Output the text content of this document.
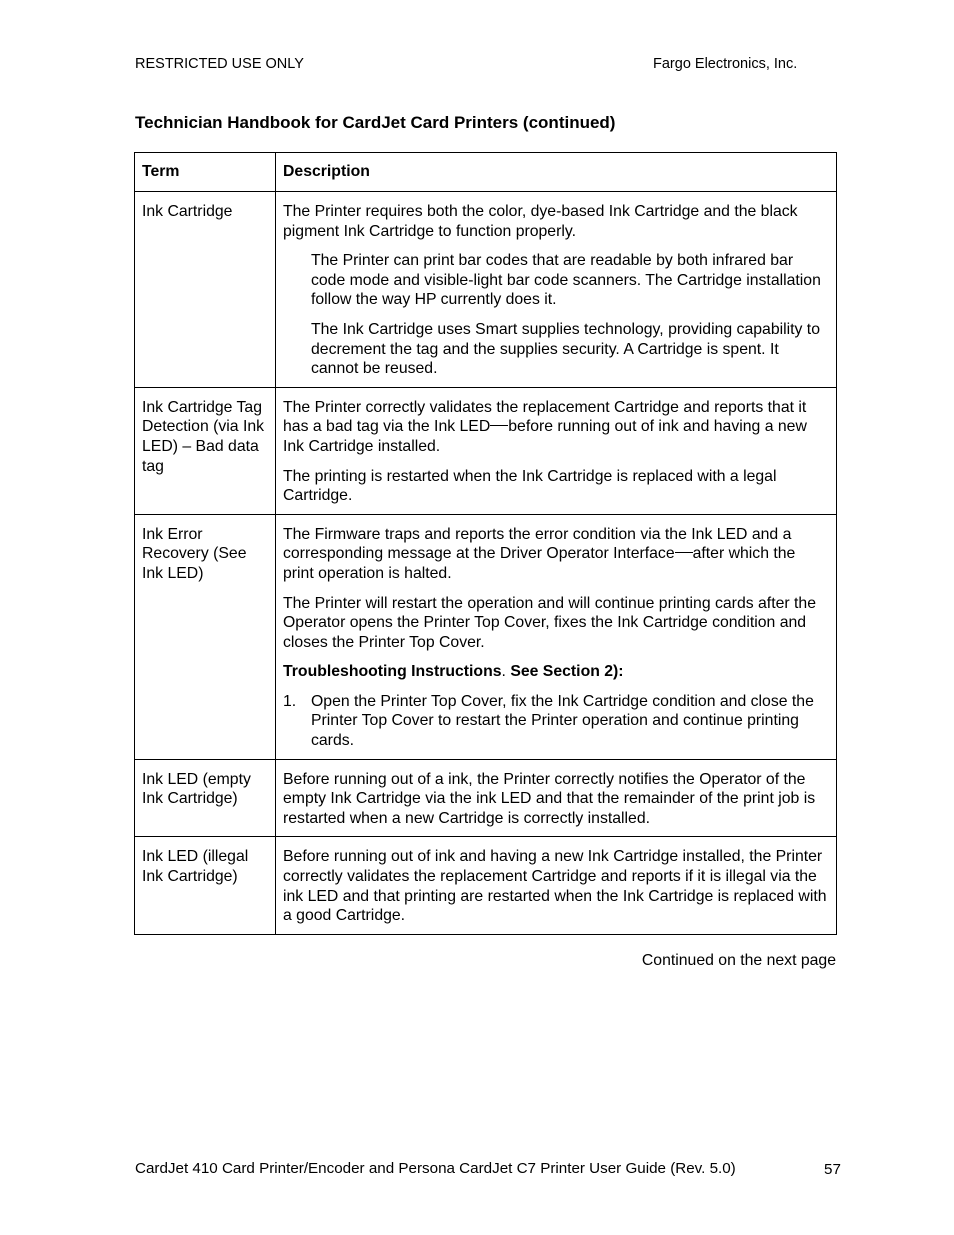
RESTRICTED USE ONLY	Fargo Electronics, Inc.
Technician Handbook for CardJet Card Printers (continued)
Term	Description
Ink Cartridge	The Printer requires both the color, dye-based Ink Cartridge and the black pigment Ink Cartridge to function properly.

The Printer can print bar codes that are readable by both infrared bar code mode and visible-light bar code scanners. The Cartridge installation follow the way HP currently does it.

The Ink Cartridge uses Smart supplies technology, providing capability to decrement the tag and the supplies security. A Cartridge is spent. It cannot be reused.

Ink Cartridge Tag Detection (via Ink LED) – Bad data tag	The Printer correctly validates the replacement Cartridge and reports that it has a bad tag via the Ink LED before running out of ink and having a new Ink Cartridge installed.

The printing is restarted when the Ink Cartridge is replaced with a legal Cartridge.

Ink Error Recovery (See Ink LED)	The Firmware traps and reports the error condition via the Ink LED and a corresponding message at the Driver Operator Interface after which the print operation is halted.

The Printer will restart the operation and will continue printing cards after the Operator opens the Printer Top Cover, fixes the Ink Cartridge condition and closes the Printer Top Cover.

Troubleshooting Instructions. See Section 2):

1. Open the Printer Top Cover, fix the Ink Cartridge condition and close the Printer Top Cover to restart the Printer operation and continue printing cards.

Ink LED (empty Ink Cartridge)	Before running out of a ink, the Printer correctly notifies the Operator of the empty Ink Cartridge via the ink LED and that the remainder of the print job is restarted when a new Cartridge is correctly installed.

Ink LED (illegal Ink Cartridge)	Before running out of ink and having a new Ink Cartridge installed, the Printer correctly validates the replacement Cartridge and reports if it is illegal via the ink LED and that printing are restarted when the Ink Cartridge is replaced with a good Cartridge.

Continued on the next page
CardJet 410 Card Printer/Encoder and Persona CardJet C7 Printer User Guide (Rev. 5.0)	57
